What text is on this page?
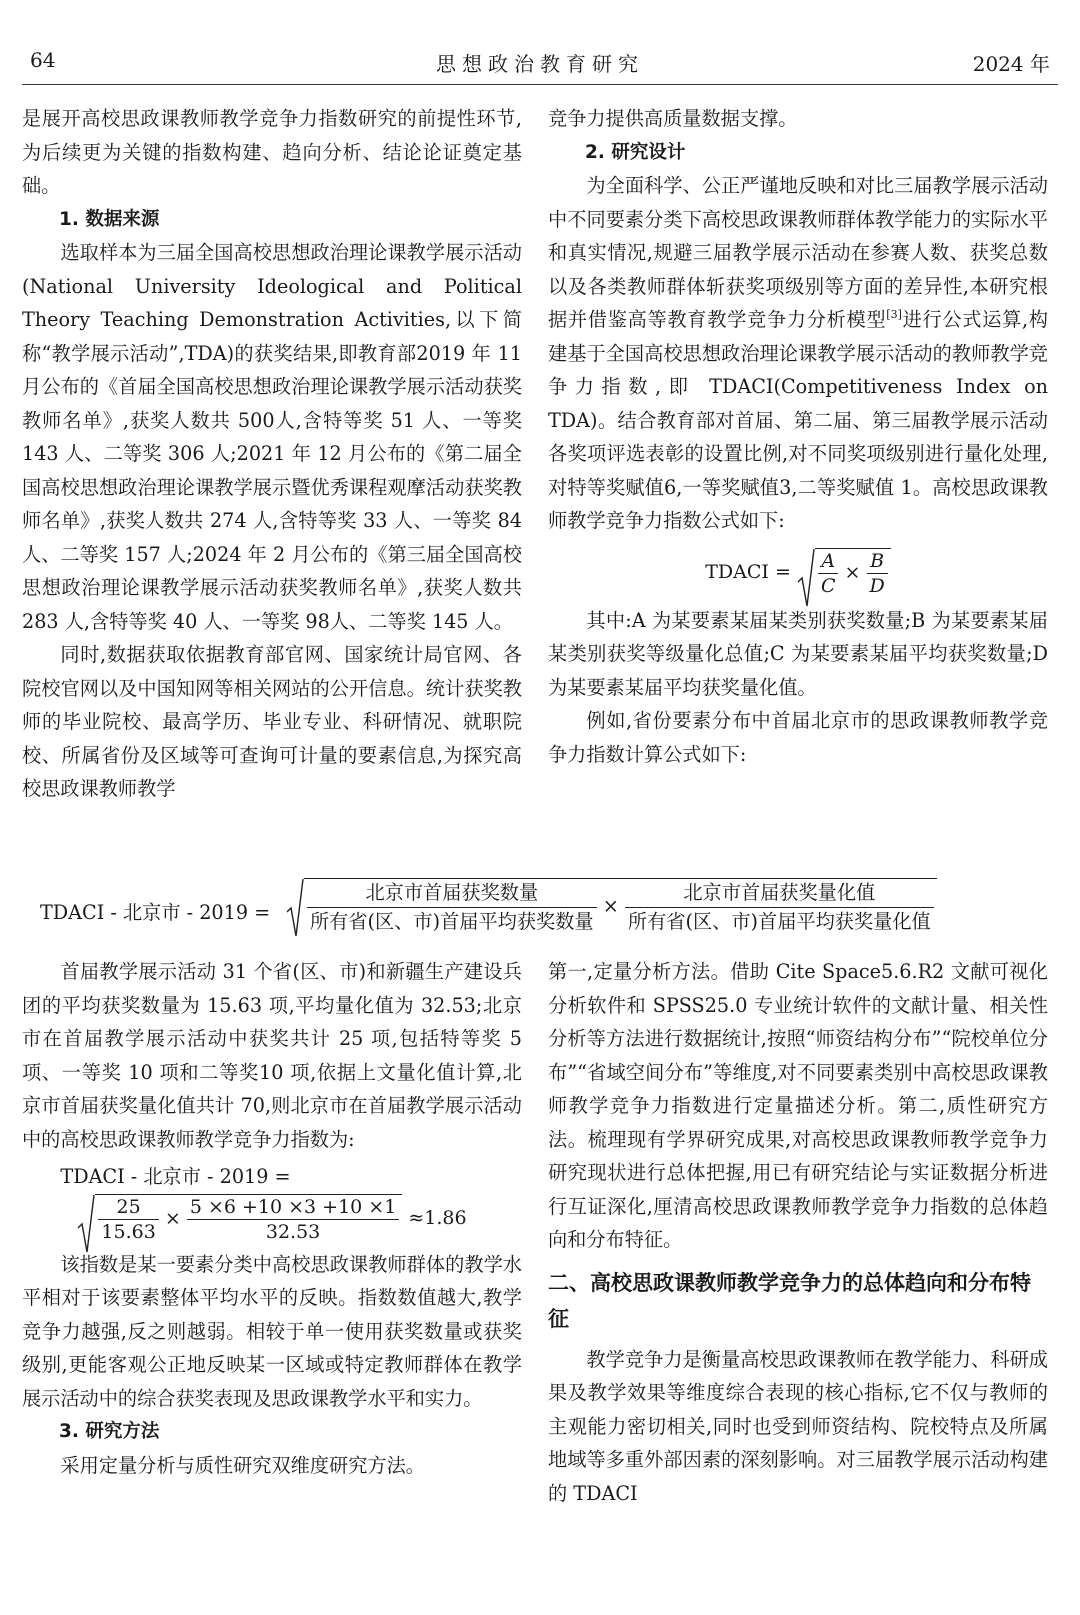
64	思想政治教育研究	2024 年

是展开高校思政课教师教学竞争力指数研究的前提性环节,为后续更为关键的指数构建、趋向分析、结论论证奠定基础。

1. 数据来源

选取样本为三届全国高校思想政治理论课教学展示活动(National University Ideological and Political Theory Teaching Demonstration Activities,以下简称“教学展示活动”,TDA)的获奖结果,即教育部2019 年 11 月公布的《首届全国高校思想政治理论课教学展示活动获奖教师名单》,获奖人数共 500人,含特等奖 51 人、一等奖 143 人、二等奖 306 人;2021 年 12 月公布的《第二届全国高校思想政治理论课教学展示暨优秀课程观摩活动获奖教师名单》,获奖人数共 274 人,含特等奖 33 人、一等奖 84人、二等奖 157 人;2024 年 2 月公布的《第三届全国高校思想政治理论课教学展示活动获奖教师名单》,获奖人数共 283 人,含特等奖 40 人、一等奖 98人、二等奖 145 人。

同时,数据获取依据教育部官网、国家统计局官网、各院校官网以及中国知网等相关网站的公开信息。统计获奖教师的毕业院校、最高学历、毕业专业、科研情况、就职院校、所属省份及区域等可查询可计量的要素信息,为探究高校思政课教师教学

竞争力提供高质量数据支撑。

2. 研究设计

为全面科学、公正严谨地反映和对比三届教学展示活动中不同要素分类下高校思政课教师群体教学能力的实际水平和真实情况,规避三届教学展示活动在参赛人数、获奖总数以及各类教师群体斩获奖项级别等方面的差异性,本研究根据并借鉴高等教育教学竞争力分析模型[3]进行公式运算,构建基于全国高校思想政治理论课教学展示活动的教师教学竞争力指数,即 TDACI(Competitiveness Index on TDA)。结合教育部对首届、第二届、第三届教学展示活动各奖项评选表彰的设置比例,对不同奖项级别进行量化处理,对特等奖赋值6,一等奖赋值3,二等奖赋值 1。高校思政课教师教学竞争力指数公式如下:

TDACI = $\frac{A}{C} \times \frac{B}{D}$

其中:A 为某要素某届某类别获奖数量;B 为某要素某届某类别获奖等级量化总值;C 为某要素某届平均获奖数量;D 为某要素某届平均获奖量化值。

例如,省份要素分布中首届北京市的思政课教师教学竞争力指数计算公式如下:

TDACI - 北京市 - $2019 = \frac{\text{北京市首届获奖数量}}{\text{所有省(区、市)首届平均获奖数量}} \times \frac{\text{北京市首届获奖量化值}}{\text{所有省(区、市)首届平均获奖量化值}}$

首届教学展示活动 31 个省(区、市)和新疆生产建设兵团的平均获奖数量为 15.63 项,平均量化值为 32.53;北京市在首届教学展示活动中获奖共计 25 项,包括特等奖 5 项、一等奖 10 项和二等奖10 项,依据上文量化值计算,北京市首届获奖量化值共计 70,则北京市在首届教学展示活动中的高校思政课教师教学竞争力指数为:

TDACI - 北京市 - 2019 =

$\frac{25}{15.63} \times \frac{5 \times 6 +10 \times 3 +10 \times 1}{32.53} \approx 1.86$

该指数是某一要素分类中高校思政课教师群体的教学水平相对于该要素整体平均水平的反映。指数数值越大,教学竞争力越强,反之则越弱。相较于单一使用获奖数量或获奖级别,更能客观公正地反映某一区域或特定教师群体在教学展示活动中的综合获奖表现及思政课教学水平和实力。

3. 研究方法

采用定量分析与质性研究双维度研究方法。

第一,定量分析方法。借助 Cite Space5.6.R2 文献可视化分析软件和 SPSS25.0 专业统计软件的文献计量、相关性分析等方法进行数据统计,按照“师资结构分布”“院校单位分布”“省域空间分布”等维度,对不同要素类别中高校思政课教师教学竞争力指数进行定量描述分析。第二,质性研究方法。梳理现有学界研究成果,对高校思政课教师教学竞争力研究现状进行总体把握,用已有研究结论与实证数据分析进行互证深化,厘清高校思政课教师教学竞争力指数的总体趋向和分布特征。

二、高校思政课教师教学竞争力的总体趋向和分布特征

教学竞争力是衡量高校思政课教师在教学能力、科研成果及教学效果等维度综合表现的核心指标,它不仅与教师的主观能力密切相关,同时也受到师资结构、院校特点及所属地域等多重外部因素的深刻影响。对三届教学展示活动构建的 TDACI
